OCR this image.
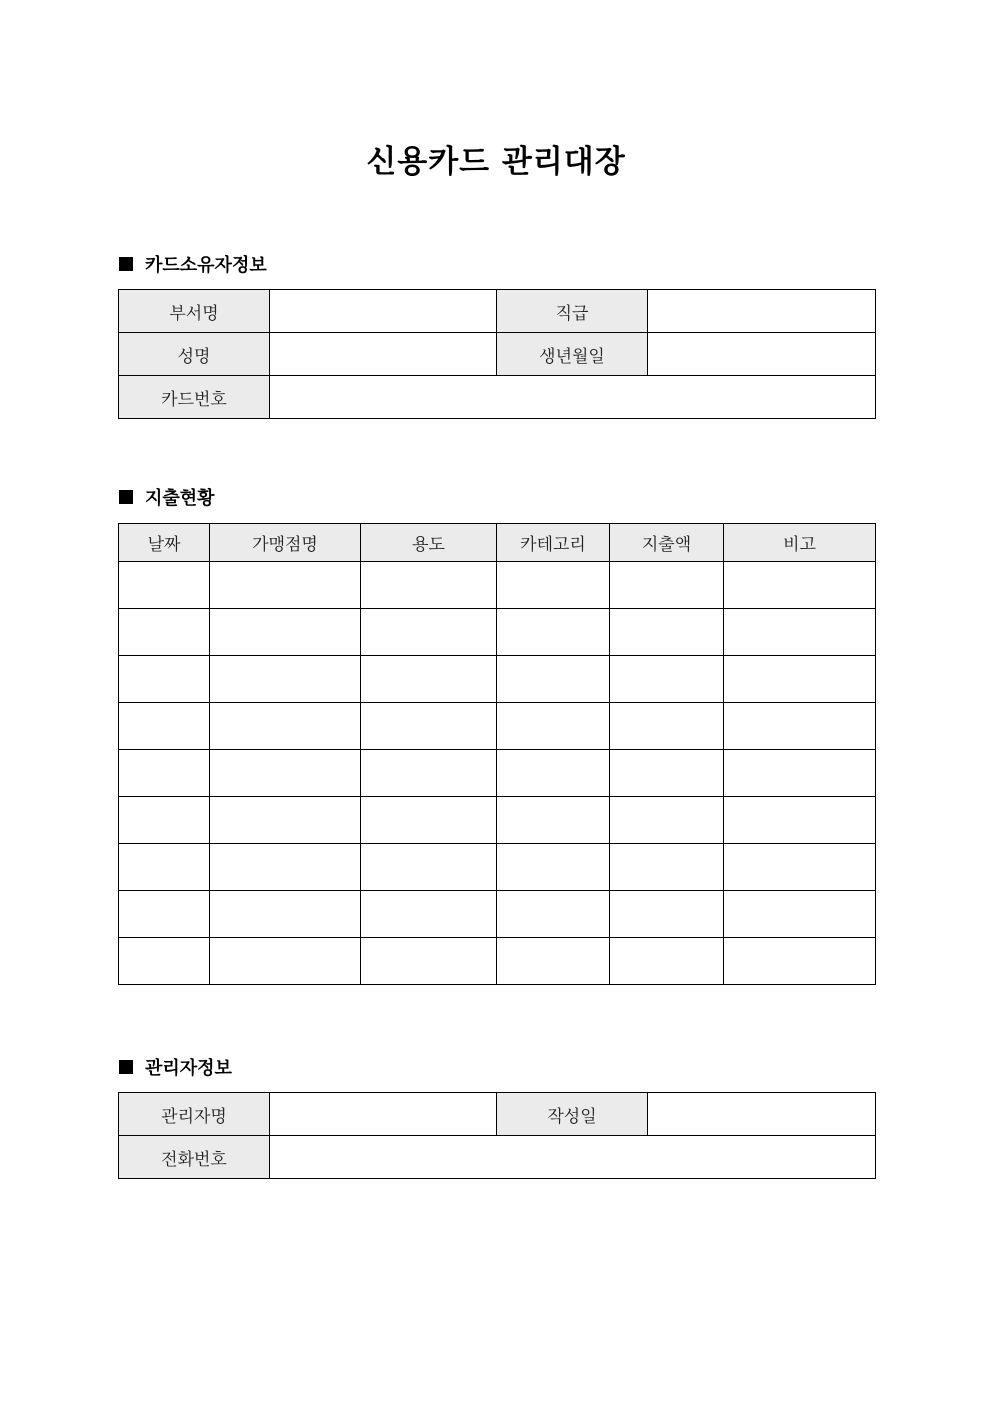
신용카드 관리대장
카드소유자정보
부서명		직급	
성명		생년월일	
카드번호			
지출현황
날짜	가맹점명	용도	카테고리	지출액	비고

관리자정보
관리자명		작성일	
전화번호			
